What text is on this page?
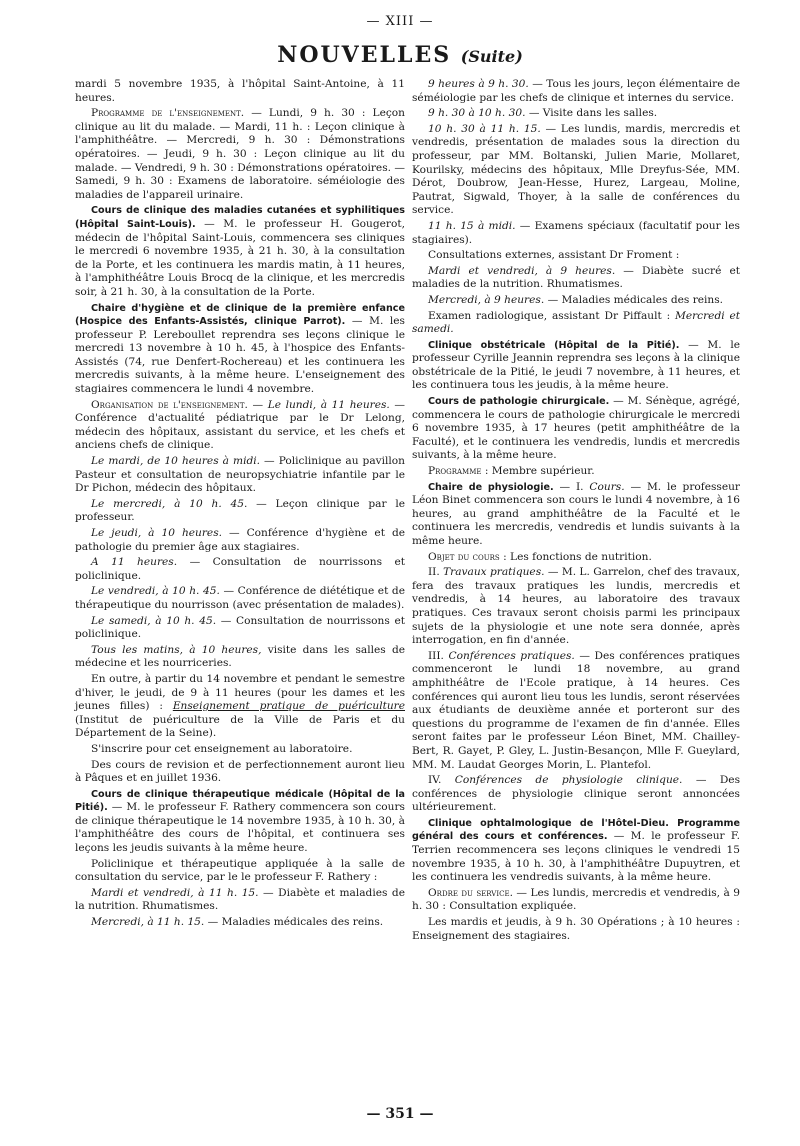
— XIII —
NOUVELLES (Suite)

mardi 5 novembre 1935, à l'hôpital Saint-Antoine, à 11 heures.

Programme de l'enseignement. — Lundi, 9 h. 30 : Leçon clinique au lit du malade. — Mardi, 11 h. : Leçon clinique à l'amphithéâtre. — Mercredi, 9 h. 30 : Démonstrations opératoires. — Jeudi, 9 h. 30 : Leçon clinique au lit du malade. — Vendredi, 9 h. 30 : Démonstrations opératoires. — Samedi, 9 h. 30 : Examens de laboratoire. séméiologie des maladies de l'appareil urinaire.

Cours de clinique des maladies cutanées et syphilitiques (Hôpital Saint-Louis). — M. le professeur H. Gougerot, médecin de l'hôpital Saint-Louis, commencera ses cliniques le mercredi 6 novembre 1935, à 21 h. 30, à la consultation de la Porte, et les continuera les mardis matin, à 11 heures, à l'amphithéâtre Louis Brocq de la clinique, et les mercredis soir, à 21 h. 30, à la consultation de la Porte.

Chaire d'hygiène et de clinique de la première enfance (Hospice des Enfants-Assistés, clinique Parrot). — M. les professeur P. Lereboullet reprendra ses leçons clinique le mercredi 13 novembre à 10 h. 45, à l'hospice des Enfants-Assistés (74, rue Denfert-Rochereau) et les continuera les mercredis suivants, à la même heure. L'enseignement des stagiaires commencera le lundi 4 novembre.

Organisation de l'enseignement. — Le lundi, à 11 heures. — Conférence d'actualité pédiatrique par le Dr Lelong, médecin des hôpitaux, assistant du service, et les chefs et anciens chefs de clinique.

Le mardi, de 10 heures à midi. — Policlinique au pavillon Pasteur et consultation de neuropsychiatrie infantile par le Dr Pichon, médecin des hôpitaux.

Le mercredi, à 10 h. 45. — Leçon clinique par le professeur.

Le jeudi, à 10 heures. — Conférence d'hygiène et de pathologie du premier âge aux stagiaires.

A 11 heures. — Consultation de nourrissons et policlinique.

Le vendredi, à 10 h. 45. — Conférence de diététique et de thérapeutique du nourrisson (avec présentation de malades).

Le samedi, à 10 h. 45. — Consultation de nourrissons et policlinique.

Tous les matins, à 10 heures, visite dans les salles de médecine et les nourriceries.

En outre, à partir du 14 novembre et pendant le semestre d'hiver, le jeudi, de 9 à 11 heures (pour les dames et les jeunes filles) : Enseignement pratique de puériculture (Institut de puériculture de la Ville de Paris et du Département de la Seine).

S'inscrire pour cet enseignement au laboratoire.

Des cours de revision et de perfectionnement auront lieu à Pâques et en juillet 1936.

Cours de clinique thérapeutique médicale (Hôpital de la Pitié). — M. le professeur F. Rathery commencera son cours de clinique thérapeutique le 14 novembre 1935, à 10 h. 30, à l'amphithéâtre des cours de l'hôpital, et continuera ses leçons les jeudis suivants à la même heure.

Policlinique et thérapeutique appliquée à la salle de consultation du service, par le le professeur F. Rathery :

Mardi et vendredi, à 11 h. 15. — Diabète et maladies de la nutrition. Rhumatismes.

Mercredi, à 11 h. 15. — Maladies médicales des reins.

9 heures à 9 h. 30. — Tous les jours, leçon élémentaire de séméiologie par les chefs de clinique et internes du service.

9 h. 30 à 10 h. 30. — Visite dans les salles.

10 h. 30 à 11 h. 15. — Les lundis, mardis, mercredis et vendredis, présentation de malades sous la direction du professeur, par MM. Boltanski, Julien Marie, Mollaret, Kourilsky, médecins des hôpitaux, Mlle Dreyfus-Sée, MM. Dérot, Doubrow, Jean-Hesse, Hurez, Largeau, Moline, Pautrat, Sigwald, Thoyer, à la salle de conférences du service.

11 h. 15 à midi. — Examens spéciaux (facultatif pour les stagiaires).

Consultations externes, assistant Dr Froment :

Mardi et vendredi, à 9 heures. — Diabète sucré et maladies de la nutrition. Rhumatismes.

Mercredi, à 9 heures. — Maladies médicales des reins.

Examen radiologique, assistant Dr Piffault : Mercredi et samedi.

Clinique obstétricale (Hôpital de la Pitié). — M. le professeur Cyrille Jeannin reprendra ses leçons à la clinique obstétricale de la Pitié, le jeudi 7 novembre, à 11 heures, et les continuera tous les jeudis, à la même heure.

Cours de pathologie chirurgicale. — M. Sénèque, agrégé, commencera le cours de pathologie chirurgicale le mercredi 6 novembre 1935, à 17 heures (petit amphithéâtre de la Faculté), et le continuera les vendredis, lundis et mercredis suivants, à la même heure.

Programme : Membre supérieur.

Chaire de physiologie. — I. Cours. — M. le professeur Léon Binet commencera son cours le lundi 4 novembre, à 16 heures, au grand amphithéâtre de la Faculté et le continuera les mercredis, vendredis et lundis suivants à la même heure.

Objet du cours : Les fonctions de nutrition.

II. Travaux pratiques. — M. L. Garrelon, chef des travaux, fera des travaux pratiques les lundis, mercredis et vendredis, à 14 heures, au laboratoire des travaux pratiques. Ces travaux seront choisis parmi les principaux sujets de la physiologie et une note sera donnée, après interrogation, en fin d'année.

III. Conférences pratiques. — Des conférences pratiques commenceront le lundi 18 novembre, au grand amphithéâtre de l'Ecole pratique, à 14 heures. Ces conférences qui auront lieu tous les lundis, seront réservées aux étudiants de deuxième année et porteront sur des questions du programme de l'examen de fin d'année. Elles seront faites par le professeur Léon Binet, MM. Chailley-Bert, R. Gayet, P. Gley, L. Justin-Besançon, Mlle F. Gueylard, MM. M. Laudat Georges Morin, L. Plantefol.

IV. Conférences de physiologie clinique. — Des conférences de physiologie clinique seront annoncées ultérieurement.

Clinique ophtalmologique de l'Hôtel-Dieu. Programme général des cours et conférences. — M. le professeur F. Terrien recommencera ses leçons cliniques le vendredi 15 novembre 1935, à 10 h. 30, à l'amphithéâtre Dupuytren, et les continuera les vendredis suivants, à la même heure.

Ordre du service. — Les lundis, mercredis et vendredis, à 9 h. 30 : Consultation expliquée.

Les mardis et jeudis, à 9 h. 30 Opérations ; à 10 heures : Enseignement des stagiaires.

— 351 —
